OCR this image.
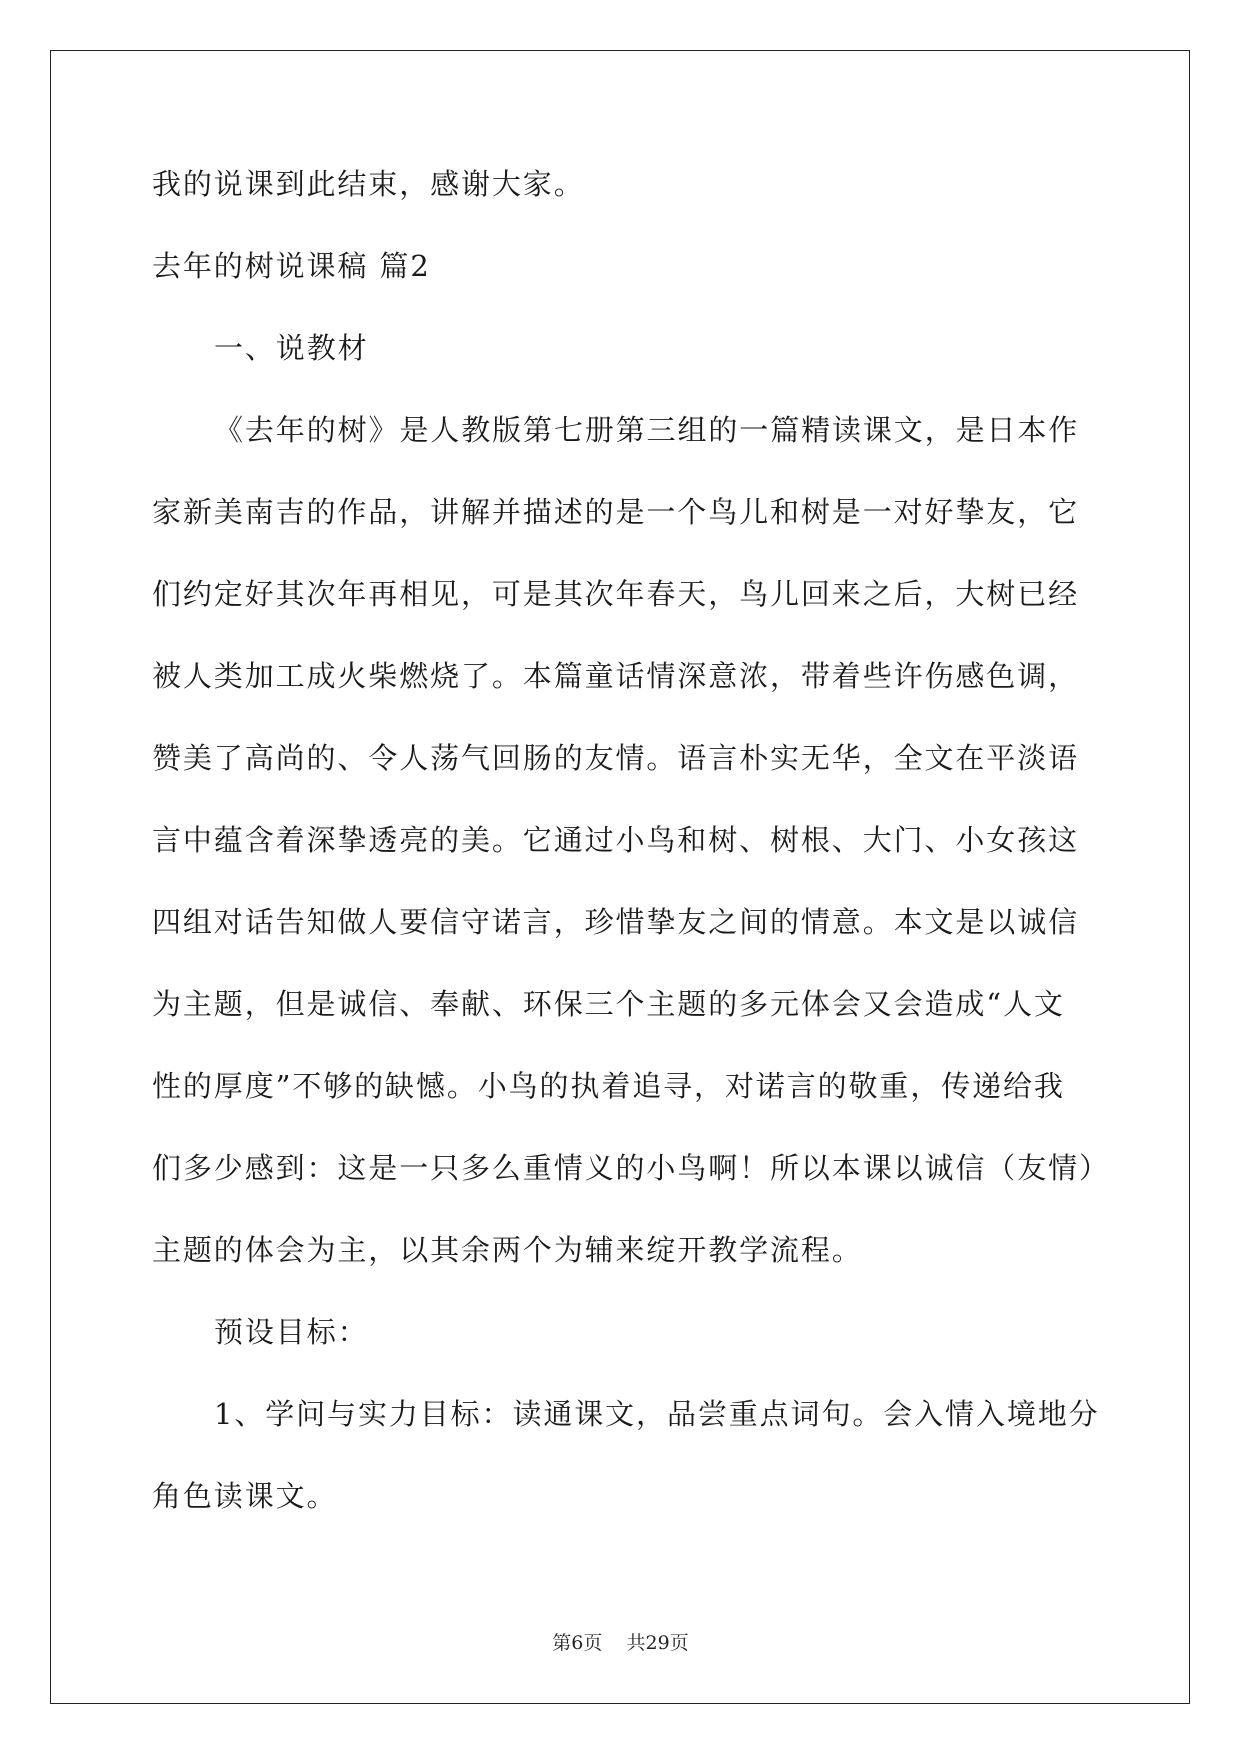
我的说课到此结束，感谢大家。
去年的树说课稿 篇2
一、说教材
《去年的树》是人教版第七册第三组的一篇精读课文，是日本作
家新美南吉的作品，讲解并描述的是一个鸟儿和树是一对好挚友，它
们约定好其次年再相见，可是其次年春天，鸟儿回来之后，大树已经
被人类加工成火柴燃烧了。本篇童话情深意浓，带着些许伤感色调，
赞美了高尚的、令人荡气回肠的友情。语言朴实无华，全文在平淡语
言中蕴含着深挚透亮的美。它通过小鸟和树、树根、大门、小女孩这
四组对话告知做人要信守诺言，珍惜挚友之间的情意。本文是以诚信
为主题，但是诚信、奉献、环保三个主题的多元体会又会造成“人文
性的厚度”不够的缺憾。小鸟的执着追寻，对诺言的敬重，传递给我
们多少感到：这是一只多么重情义的小鸟啊！所以本课以诚信（友情）
主题的体会为主，以其余两个为辅来绽开教学流程。
预设目标：
1、学问与实力目标：读通课文，品尝重点词句。会入情入境地分
角色读课文。
第6页    共29页
